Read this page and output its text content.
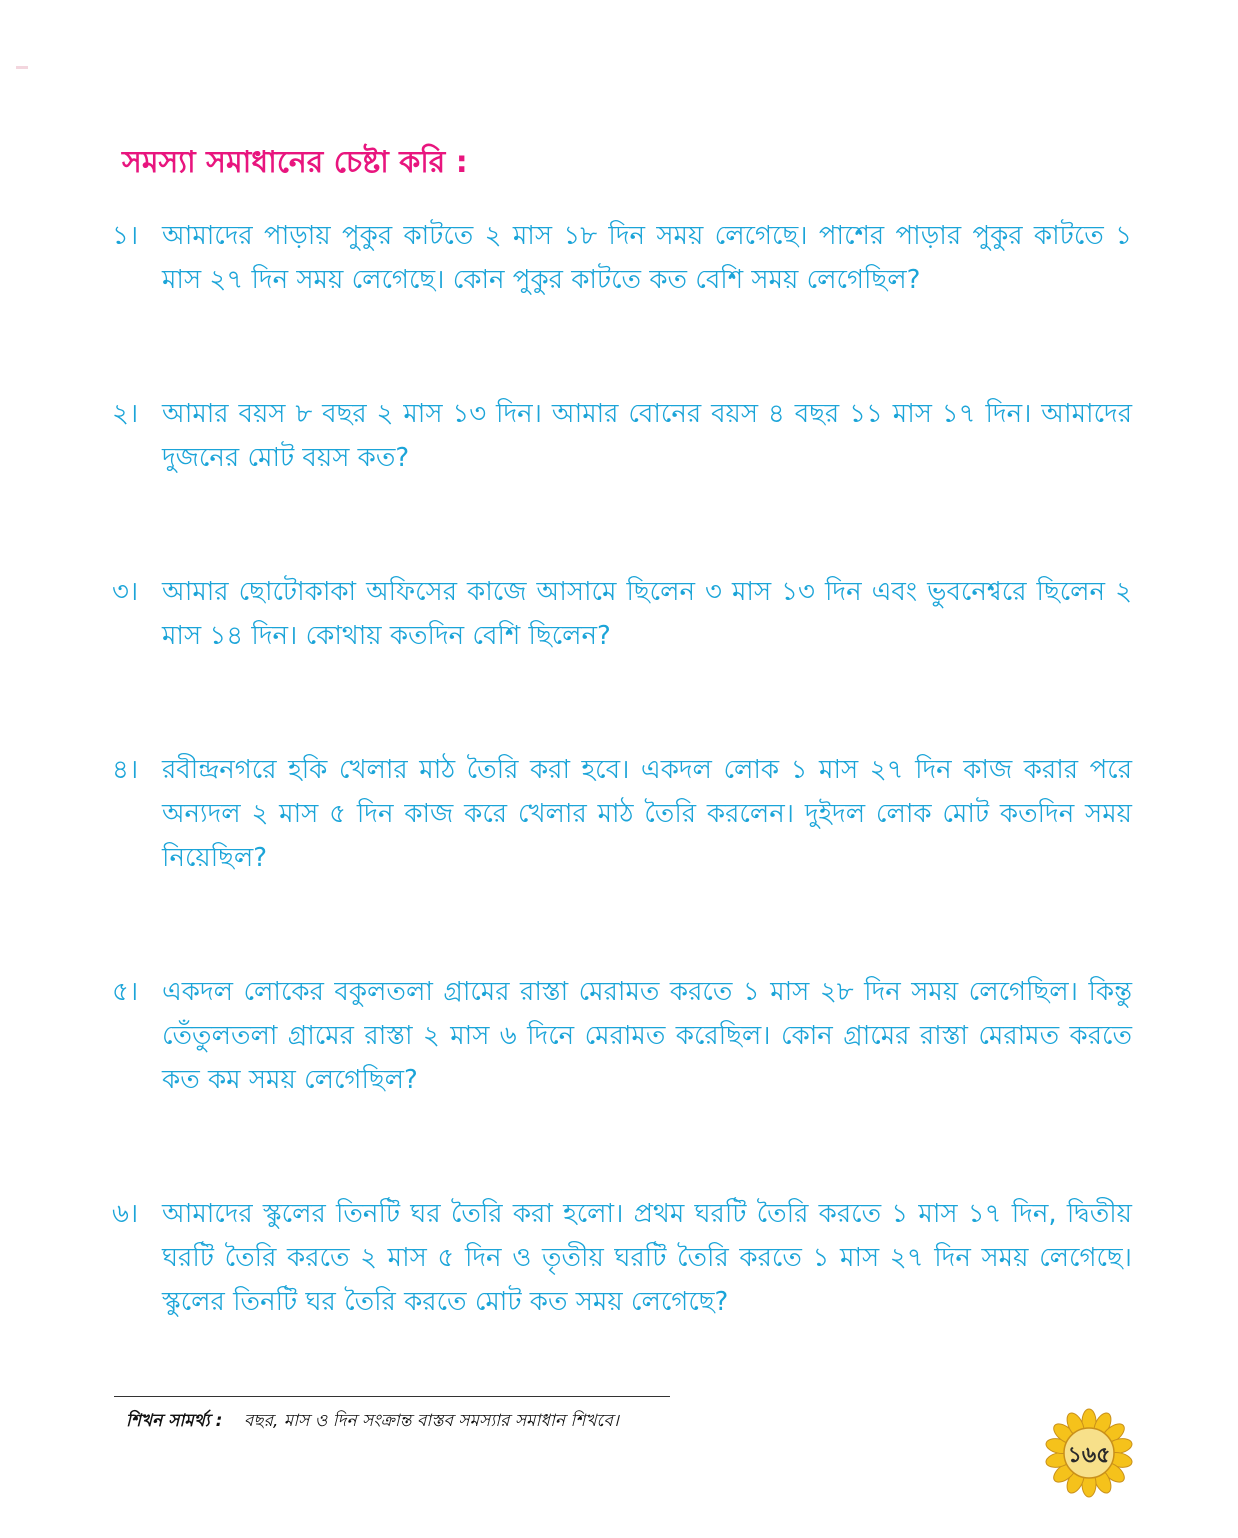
সমস্যা সমাধানের চেষ্টা করি :
১। আমাদের পাড়ায় পুকুর কাটতে ২ মাস ১৮ দিন সময় লেগেছে। পাশের পাড়ার পুকুর কাটতে ১ মাস ২৭ দিন সময় লেগেছে। কোন পুকুর কাটতে কত বেশি সময় লেগেছিল?
২। আমার বয়স ৮ বছর ২ মাস ১৩ দিন। আমার বোনের বয়স ৪ বছর ১১ মাস ১৭ দিন। আমাদের দুজনের মোট বয়স কত?
৩। আমার ছোটোকাকা অফিসের কাজে আসামে ছিলেন ৩ মাস ১৩ দিন এবং ভুবনেশ্বরে ছিলেন ২ মাস ১৪ দিন। কোথায় কতদিন বেশি ছিলেন?
৪। রবীন্দ্রনগরে হকি খেলার মাঠ তৈরি করা হবে। একদল লোক ১ মাস ২৭ দিন কাজ করার পরে অন্যদল ২ মাস ৫ দিন কাজ করে খেলার মাঠ তৈরি করলেন। দুইদল লোক মোট কতদিন সময় নিয়েছিল?
৫। একদল লোকের বকুলতলা গ্রামের রাস্তা মেরামত করতে ১ মাস ২৮ দিন সময় লেগেছিল। কিন্তু তেঁতুলতলা গ্রামের রাস্তা ২ মাস ৬ দিনে মেরামত করেছিল। কোন গ্রামের রাস্তা মেরামত করতে কত কম সময় লেগেছিল?
৬। আমাদের স্কুলের তিনটি ঘর তৈরি করা হলো। প্রথম ঘরটি তৈরি করতে ১ মাস ১৭ দিন, দ্বিতীয় ঘরটি তৈরি করতে ২ মাস ৫ দিন ও তৃতীয় ঘরটি তৈরি করতে ১ মাস ২৭ দিন সময় লেগেছে। স্কুলের তিনটি ঘর তৈরি করতে মোট কত সময় লেগেছে?
শিখন সামর্থ্য : বছর, মাস ও দিন সংক্রান্ত বাস্তব সমস্যার সমাধান শিখবে।
১৬৫
